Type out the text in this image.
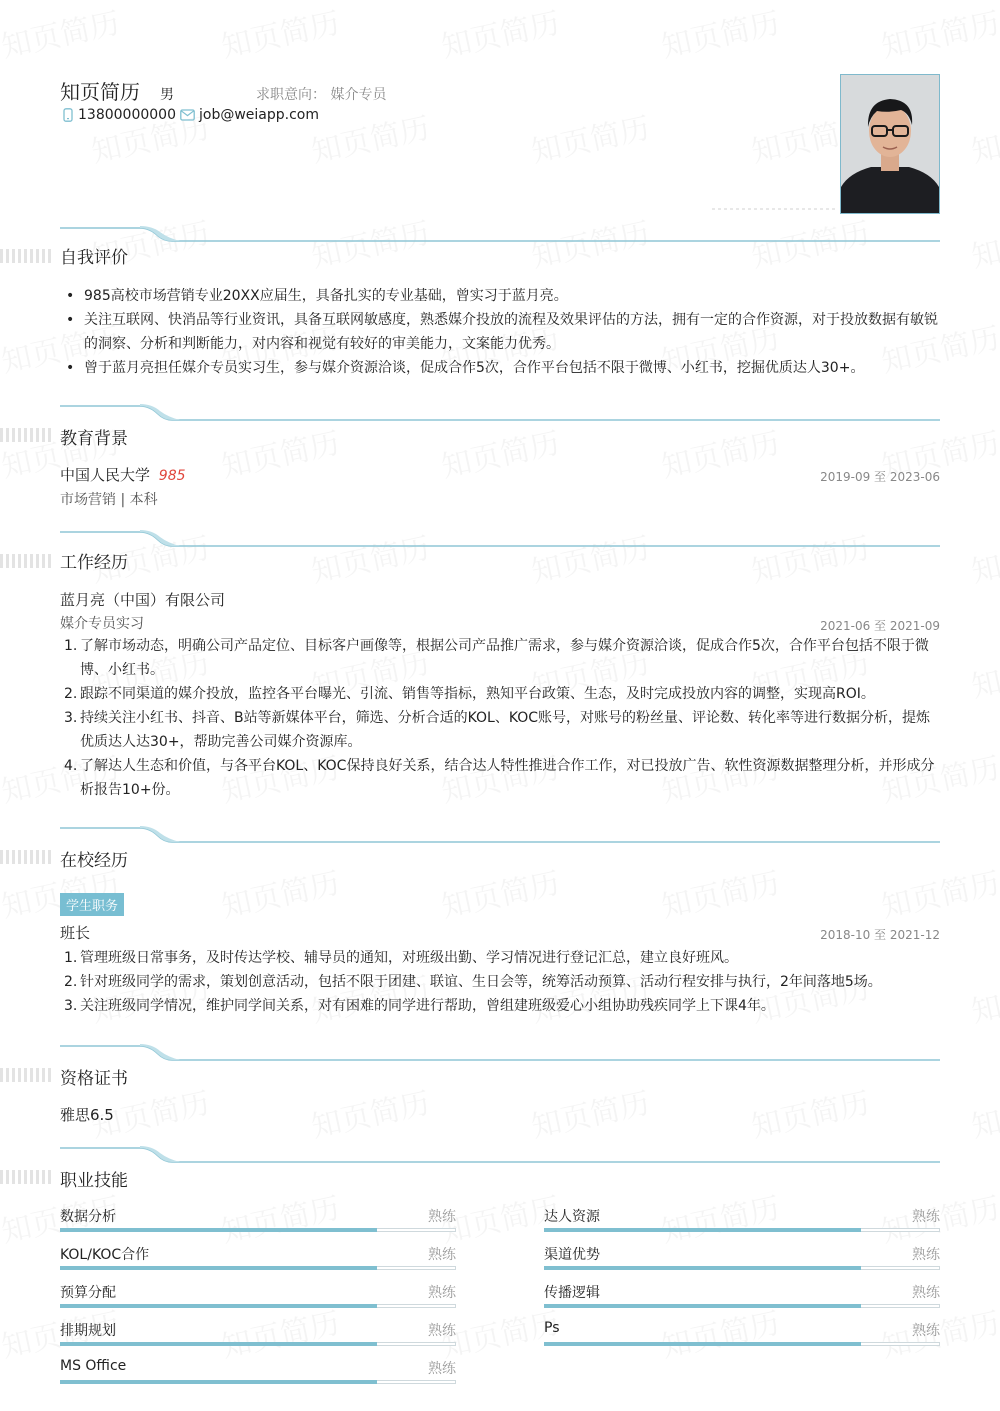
知页简历 男	求职意向： 媒介专员
13800000000 job@weiapp.com
自我评价
• 985高校市场营销专业20XX应届生，具备扎实的专业基础，曾实习于蓝月亮。
• 关注互联网、快消品等行业资讯，具备互联网敏感度，熟悉媒介投放的流程及效果评估的方法，拥有一定的合作资源，对于投放数据有敏锐的洞察、分析和判断能力，对内容和视觉有较好的审美能力，文案能力优秀。
• 曾于蓝月亮担任媒介专员实习生，参与媒介资源洽谈，促成合作5次，合作平台包括不限于微博、小红书，挖掘优质达人30+。
教育背景
中国人民大学 985	2019-09 至 2023-06
市场营销 | 本科
工作经历
蓝月亮（中国）有限公司
媒介专员实习	2021-06 至 2021-09
1. 了解市场动态，明确公司产品定位、目标客户画像等，根据公司产品推广需求，参与媒介资源洽谈，促成合作5次，合作平台包括不限于微博、小红书。
2. 跟踪不同渠道的媒介投放，监控各平台曝光、引流、销售等指标，熟知平台政策、生态，及时完成投放内容的调整，实现高ROI。
3. 持续关注小红书、抖音、B站等新媒体平台，筛选、分析合适的KOL、KOC账号，对账号的粉丝量、评论数、转化率等进行数据分析，提炼优质达人达30+，帮助完善公司媒介资源库。
4. 了解达人生态和价值，与各平台KOL、KOC保持良好关系，结合达人特性推进合作工作，对已投放广告、软性资源数据整理分析，并形成分析报告10+份。
在校经历
学生职务
班长	2018-10 至 2021-12
1. 管理班级日常事务，及时传达学校、辅导员的通知，对班级出勤、学习情况进行登记汇总，建立良好班风。
2. 针对班级同学的需求，策划创意活动，包括不限于团建、联谊、生日会等，统筹活动预算、活动行程安排与执行，2年间落地5场。
3. 关注班级同学情况，维护同学间关系，对有困难的同学进行帮助，曾组建班级爱心小组协助残疾同学上下课4年。
资格证书
雅思6.5
职业技能
数据分析	熟练	达人资源	熟练
KOL/KOC合作	熟练	渠道优势	熟练
预算分配	熟练	传播逻辑	熟练
排期规划	熟练	Ps	熟练
MS Office	熟练
